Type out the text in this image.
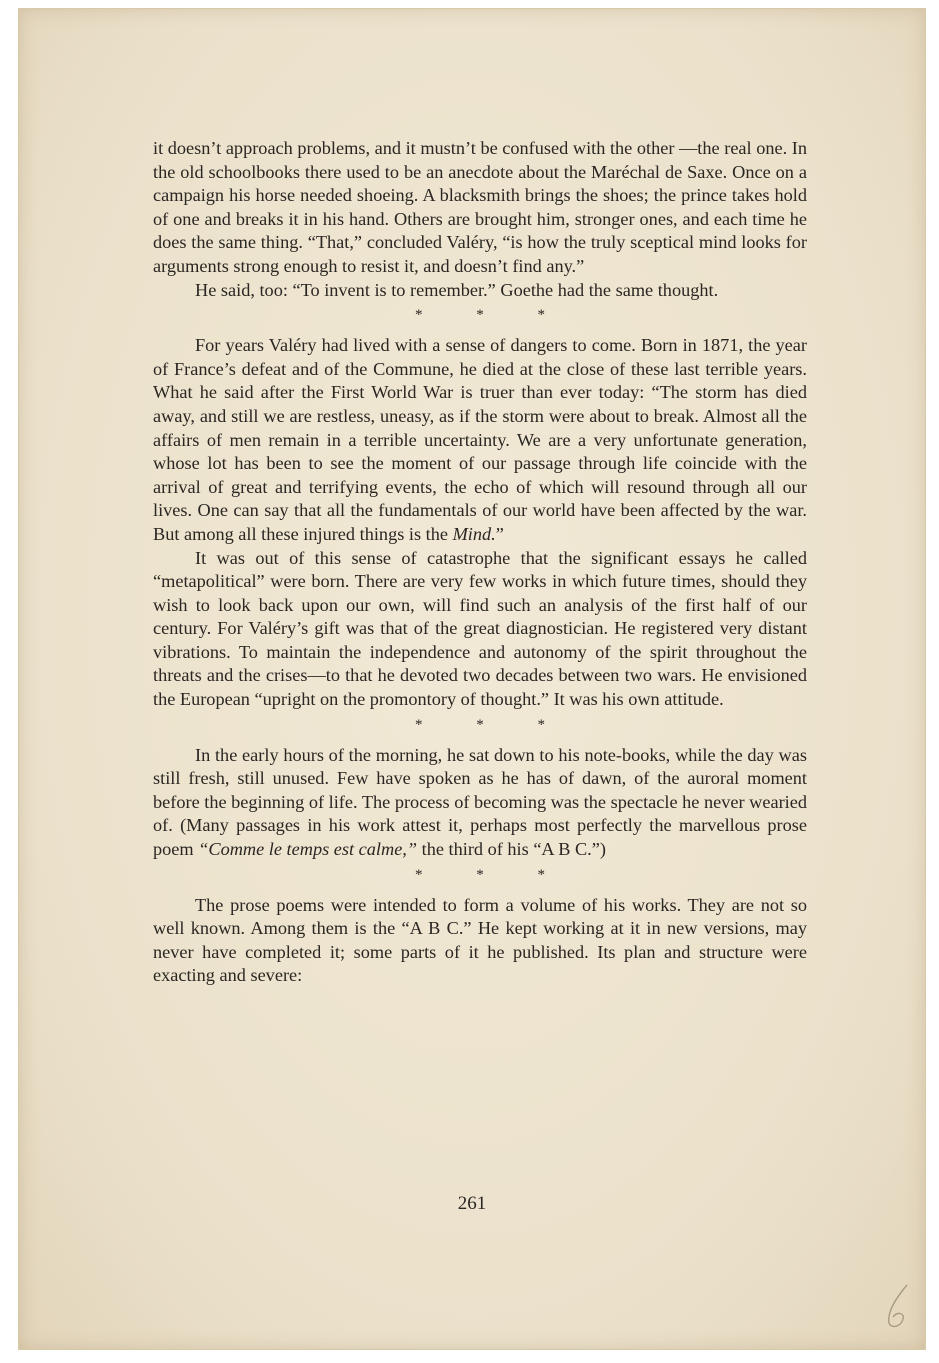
it doesn’t approach problems, and it mustn’t be confused with the other —the real one. In the old schoolbooks there used to be an anecdote about the Maréchal de Saxe. Once on a campaign his horse needed shoeing. A blacksmith brings the shoes; the prince takes hold of one and breaks it in his hand. Others are brought him, stronger ones, and each time he does the same thing. “That,” concluded Valéry, “is how the truly sceptical mind looks for arguments strong enough to resist it, and doesn’t find any.”

He said, too: “To invent is to remember.” Goethe had the same thought.

* * *

For years Valéry had lived with a sense of dangers to come. Born in 1871, the year of France’s defeat and of the Commune, he died at the close of these last terrible years. What he said after the First World War is truer than ever today: “The storm has died away, and still we are restless, uneasy, as if the storm were about to break. Almost all the affairs of men remain in a terrible uncertainty. We are a very unfortunate generation, whose lot has been to see the moment of our passage through life coincide with the arrival of great and terrifying events, the echo of which will resound through all our lives. One can say that all the fundamentals of our world have been affected by the war. But among all these injured things is the Mind.”

It was out of this sense of catastrophe that the significant essays he called “metapolitical” were born. There are very few works in which future times, should they wish to look back upon our own, will find such an analysis of the first half of our century. For Valéry’s gift was that of the great diagnostician. He registered very distant vibrations. To maintain the independence and autonomy of the spirit throughout the threats and the crises—to that he devoted two decades between two wars. He envisioned the European “upright on the promontory of thought.” It was his own attitude.

* * *

In the early hours of the morning, he sat down to his note-books, while the day was still fresh, still unused. Few have spoken as he has of dawn, of the auroral moment before the beginning of life. The process of becoming was the spectacle he never wearied of. (Many passages in his work attest it, perhaps most perfectly the marvellous prose poem “Comme le temps est calme,” the third of his “A B C.”)

* * *

The prose poems were intended to form a volume of his works. They are not so well known. Among them is the “A B C.” He kept working at it in new versions, may never have completed it; some parts of it he published. Its plan and structure were exacting and severe:

261
